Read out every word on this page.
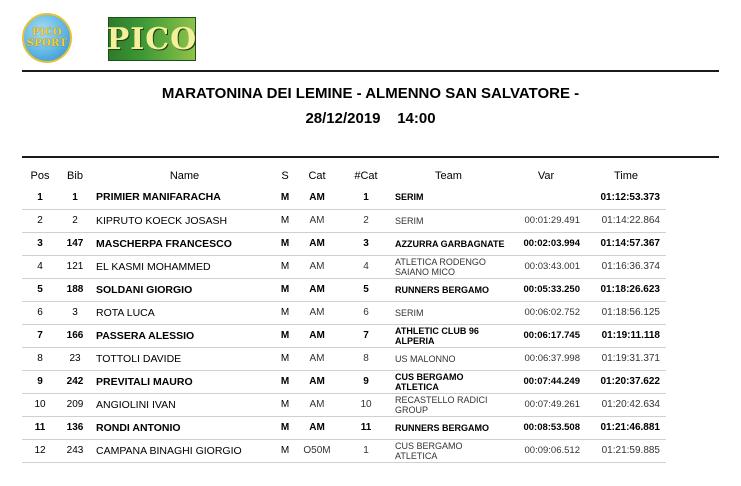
PICO
SPORT PICO
MARATONINA DEI LEMINE - ALMENNO SAN SALVATORE -
28/12/2019 14:00
Pos	Bib	Name	S	Cat	#Cat	Team	Var	Time
1	1	PRIMIER MANIFARACHA	M	AM	1	SERIM		01:12:53.373
2	2	KIPRUTO KOECK JOSASH	M	AM	2	SERIM	00:01:29.491	01:14:22.864
3	147	MASCHERPA FRANCESCO	M	AM	3	AZZURRA GARBAGNATE	00:02:03.994	01:14:57.367
4	121	EL KASMI MOHAMMED	M	AM	4	ATLETICA RODENGO SAIANO MICO	00:03:43.001	01:16:36.374
5	188	SOLDANI GIORGIO	M	AM	5	RUNNERS BERGAMO	00:05:33.250	01:18:26.623
6	3	ROTA LUCA	M	AM	6	SERIM	00:06:02.752	01:18:56.125
7	166	PASSERA ALESSIO	M	AM	7	ATHLETIC CLUB 96 ALPERIA	00:06:17.745	01:19:11.118
8	23	TOTTOLI DAVIDE	M	AM	8	US MALONNO	00:06:37.998	01:19:31.371
9	242	PREVITALI MAURO	M	AM	9	CUS BERGAMO ATLETICA	00:07:44.249	01:20:37.622
10	209	ANGIOLINI IVAN	M	AM	10	RECASTELLO RADICI GROUP	00:07:49.261	01:20:42.634
11	136	RONDI ANTONIO	M	AM	11	RUNNERS BERGAMO	00:08:53.508	01:21:46.881
12	243	CAMPANA BINAGHI GIORGIO	M	O50M	1	CUS BERGAMO ATLETICA	00:09:06.512	01:21:59.885
